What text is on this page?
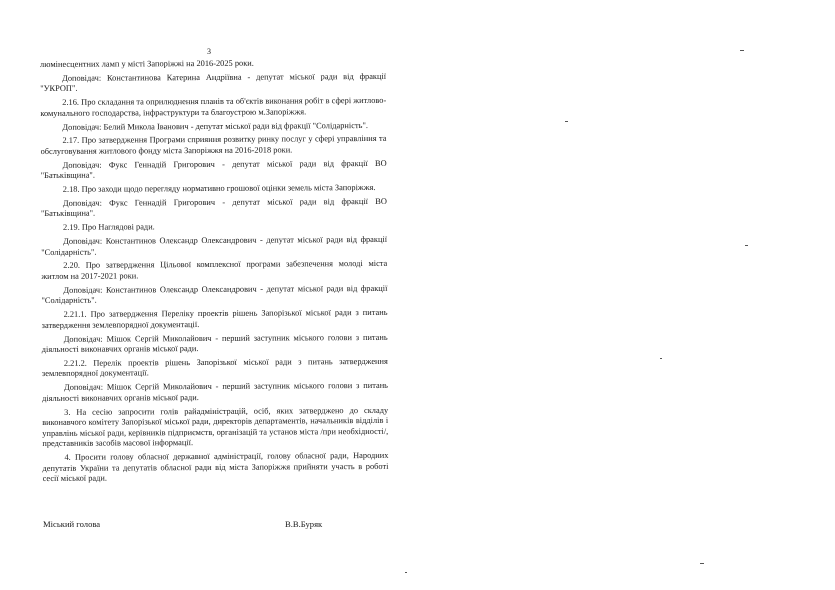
3

люмінесцентних ламп у місті Запоріжжі на 2016-2025 роки.

Доповідач: Константинова Катерина Андріївна - депутат міської ради від фракції "УКРОП".

2.16. Про складання та оприлюднення планів та об'єктів виконання робіт в сфері житлово-комунального господарства, інфраструктури та благоустрою м.Запоріжжя.

Доповідач: Белий Микола Іванович - депутат міської ради від фракції "Солідарність".

2.17. Про затвердження Програми сприяння розвитку ринку послуг у сфері управління та обслуговування житлового фонду міста Запоріжжя на 2016-2018 роки.

Доповідач: Фукс Геннадій Григорович - депутат міської ради від фракції ВО "Батьківщина".

2.18. Про заходи щодо перегляду нормативно грошової оцінки земель міста Запоріжжя.

Доповідач: Фукс Геннадій Григорович - депутат міської ради від фракції ВО "Батьківщина".

2.19. Про Наглядові ради.

Доповідач: Константинов Олександр Олександрович - депутат міської ради від фракції "Солідарність".

2.20. Про затвердження Цільової комплексної програми забезпечення молоді міста житлом на 2017-2021 роки.

Доповідач: Константинов Олександр Олександрович - депутат міської ради від фракції "Солідарність".

2.21.1. Про затвердження Переліку проектів рішень Запорізької міської ради з питань затвердження землевпорядної документації.

Доповідач: Мішок Сергій Миколайович - перший заступник міського голови з питань діяльності виконавчих органів міської ради.

2.21.2. Перелік проектів рішень Запорізької міської ради з питань затвердження землевпорядної документації.

Доповідач: Мішок Сергій Миколайович - перший заступник міського голови з питань діяльності виконавчих органів міської ради.

3. На сесію запросити голів райадміністрацій, осіб, яких затверджено до складу виконавчого комітету Запорізької міської ради, директорів департаментів, начальників відділів і управлінь міської ради, керівників підприємств, організацій та установ міста /при необхідності/, представників засобів масової інформації.

4. Просити голову обласної державної адміністрації, голову обласної ради, Народних депутатів України та депутатів обласної ради від міста Запоріжжя прийняти участь в роботі сесії міської ради.

Міський голова	В.В.Буряк
